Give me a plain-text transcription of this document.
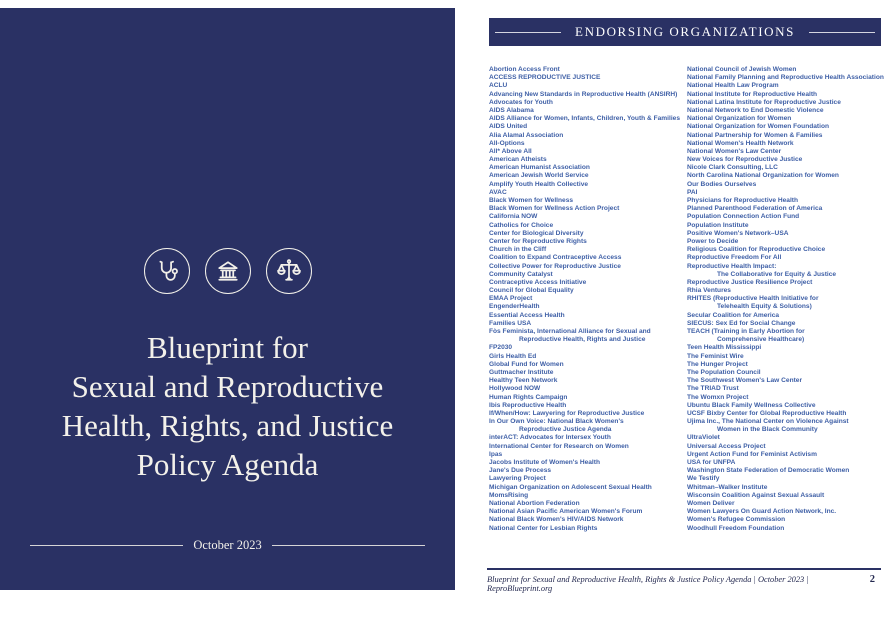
Blueprint for
Sexual and Reproductive
Health, Rights, and Justice
Policy Agenda
October 2023
ENDORSING ORGANIZATIONS
Abortion Access Front
ACCESS REPRODUCTIVE JUSTICE
ACLU
Advancing New Standards in Reproductive Health (ANSIRH)
Advocates for Youth
AIDS Alabama
AIDS Alliance for Women, Infants, Children, Youth & Families
AIDS United
Alia Alamal Association
All-Options
All* Above All
American Atheists
American Humanist Association
American Jewish World Service
Amplify Youth Health Collective
AVAC
Black Women for Wellness
Black Women for Wellness Action Project
California NOW
Catholics for Choice
Center for Biological Diversity
Center for Reproductive Rights
Church in the Cliff
Coalition to Expand Contraceptive Access
Collective Power for Reproductive Justice
Community Catalyst
Contraceptive Access Initiative
Council for Global Equality
EMAA Project
EngenderHealth
Essential Access Health
Families USA
Fòs Feminista, International Alliance for Sexual and
Reproductive Health, Rights and Justice
FP2030
Girls Health Ed
Global Fund for Women
Guttmacher Institute
Healthy Teen Network
Hollywood NOW
Human Rights Campaign
Ibis Reproductive Health
If/When/How: Lawyering for Reproductive Justice
In Our Own Voice: National Black Women's
Reproductive Justice Agenda
interACT: Advocates for Intersex Youth
International Center for Research on Women
Ipas
Jacobs Institute of Women's Health
Jane's Due Process
Lawyering Project
Michigan Organization on Adolescent Sexual Health
MomsRising
National Abortion Federation
National Asian Pacific American Women's Forum
National Black Women's HIV/AIDS Network
National Center for Lesbian Rights
National Council of Jewish Women
National Family Planning and Reproductive Health Association
National Health Law Program
National Institute for Reproductive Health
National Latina Institute for Reproductive Justice
National Network to End Domestic Violence
National Organization for Women
National Organization for Women Foundation
National Partnership for Women & Families
National Women's Health Network
National Women's Law Center
New Voices for Reproductive Justice
Nicole Clark Consulting, LLC
North Carolina National Organization for Women
Our Bodies Ourselves
PAI
Physicians for Reproductive Health
Planned Parenthood Federation of America
Population Connection Action Fund
Population Institute
Positive Women's Network–USA
Power to Decide
Religious Coalition for Reproductive Choice
Reproductive Freedom For All
Reproductive Health Impact:
The Collaborative for Equity & Justice
Reproductive Justice Resilience Project
Rhia Ventures
RHITES (Reproductive Health Initiative for
Telehealth Equity & Solutions)
Secular Coalition for America
SIECUS: Sex Ed for Social Change
TEACH (Training in Early Abortion for
Comprehensive Healthcare)
Teen Health Mississippi
The Feminist Wire
The Hunger Project
The Population Council
The Southwest Women's Law Center
The TRIAD Trust
The Womxn Project
Ubuntu Black Family Wellness Collective
UCSF Bixby Center for Global Reproductive Health
Ujima Inc., The National Center on Violence Against
Women in the Black Community
UltraViolet
Universal Access Project
Urgent Action Fund for Feminist Activism
USA for UNFPA
Washington State Federation of Democratic Women
We Testify
Whitman–Walker Institute
Wisconsin Coalition Against Sexual Assault
Women Deliver
Women Lawyers On Guard Action Network, Inc.
Women's Refugee Commission
Woodhull Freedom Foundation
Blueprint for Sexual and Reproductive Health, Rights & Justice Policy Agenda | October 2023 | ReproBlueprint.org
2
